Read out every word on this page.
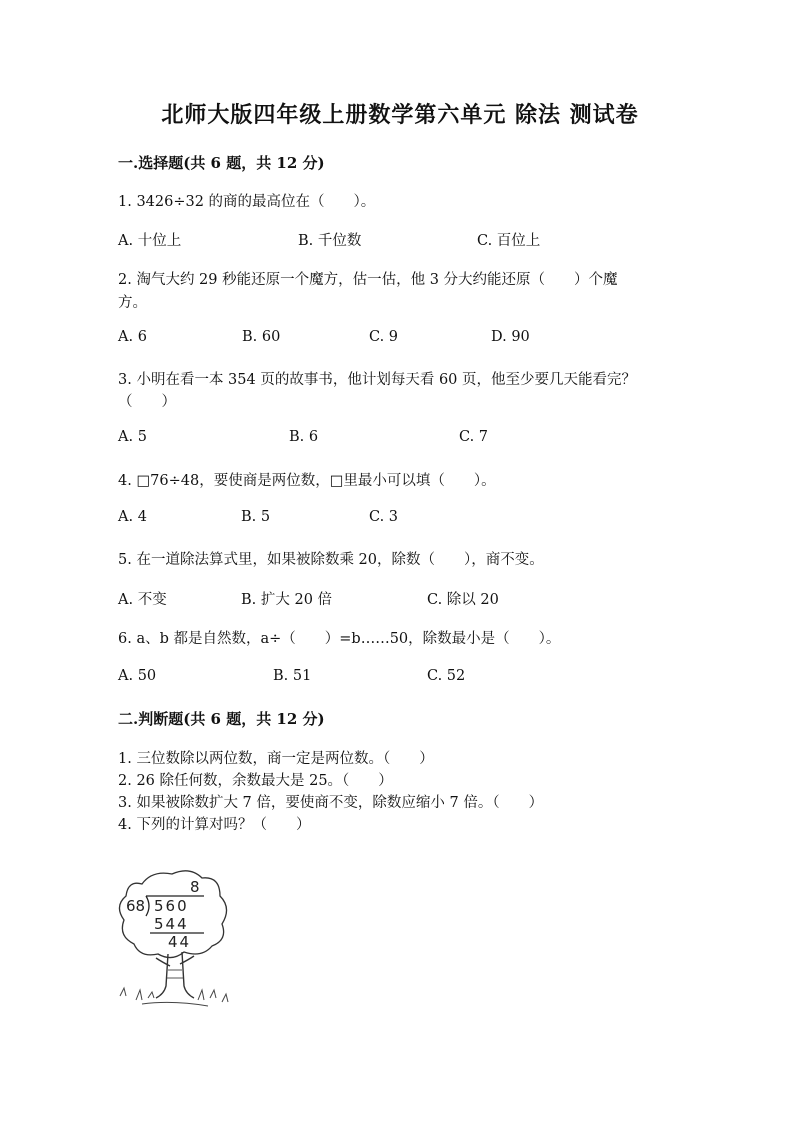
北师大版四年级上册数学第六单元 除法 测试卷
一.选择题(共 6 题，共 12 分)
1. 3426÷32 的商的最高位在（　　）。
A. 十位上	B. 千位数	C. 百位上
2. 淘气大约 29 秒能还原一个魔方，估一估，他 3 分大约能还原（　　）个魔
方。
A. 6	B. 60	C. 9	D. 90
3. 小明在看一本 354 页的故事书，他计划每天看 60 页，他至少要几天能看完？
（　　）
A. 5	B. 6	C. 7
4. □76÷48，要使商是两位数，□里最小可以填（　　）。
A. 4	B. 5	C. 3
5. 在一道除法算式里，如果被除数乘 20，除数（　　），商不变。
A. 不变	B. 扩大 20 倍	C. 除以 20
6. a、b 都是自然数，a÷（　　）=b……50，除数最小是（　　）。
A. 50	B. 51	C. 52
二.判断题(共 6 题，共 12 分)
1. 三位数除以两位数，商一定是两位数。（　　）
2. 26 除任何数，余数最大是 25。（　　）
3. 如果被除数扩大 7 倍，要使商不变，除数应缩小 7 倍。（　　）
4. 下列的计算对吗？（　　）
8
68 560
544
44
